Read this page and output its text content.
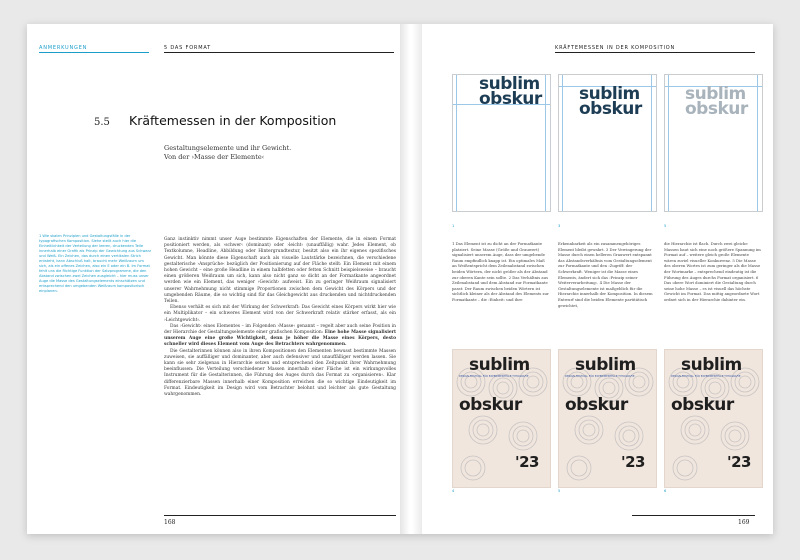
ANMERKUNGEN	5 DAS FORMAT
5.5 Kräftemessen in der Komposition
Gestaltungselemente und ihr Gewicht.
Von der ›Masse der Elemente‹
1 Wie skalen Prinzipien und Gestaltungsfälle in der typografischen Komposition. Siehe stellt auch hier die Einheitlichkeit der Verteilung der leeren, druckenden Teile innerhalb einer Grafik als Prinzip der Gewichtung aus Schwarz und Weiß. Ein Zeichen, das durch einen vertikalen Strich entsteht, kann Abschluß halt, braucht mehr Weißraum um sich, als ein offenes Zeichen, also ein E oder ein B. Im Format fehlt uns die Richtige Funktion der Satzprogramme, die den Abstand zwischen zwei Zeichen ausgleicht – hier muss unser Auge die Masse des Gestaltungselements einschätzen und entsprechend den umgebenden Weißraum kompositorisch einplanen.

Ganz instinktiv nimmt unser Auge bestimmte Eigenschaften der Elemente, die in einem Format positioniert werden, als ›schwer‹ (dominant) oder ›leicht‹ (unauffällig) wahr. Jedes Element, ob Textkolumne, Headline, Abbildung oder Hintergrundtextur, besitzt also ein ihr eigenes spezifisches Gewicht. Man könnte diese Eigenschaft auch als visuelle Lautstärke bezeichnen, die verschiedene gestalterische ›Ansprüche‹ bezüglich der Positionierung auf der Fläche stellt: Ein Element mit einem hohen Gewicht – eine große Headline in einem halbfetten oder fetten Schnitt beispielsweise – braucht einen größeren Weißraum um sich, kann also nicht ganz so dicht an der Formatkante angeordnet werden wie ein Element, das weniger ›Gewicht‹ aufweist. Ein zu geringer Weißraum signalisiert unserer Wahrnehmung nicht stimmige Proportionen zwischen dem Gewicht des Körpers und der umgebenden Räume, die so wichtig sind für das Gleichgewicht aus druckenden und nichtdruckenden Teilen.

Ebenso verhält es sich mit der Wirkung der Schwerkraft: Das Gewicht eines Körpers wirkt hier wie ein Multiplikator – ein schweres Element wird von der Schwerkraft relativ stärker erfasst, als ein ›Leichtgewicht‹.

Das ›Gewicht‹ eines Elementes – im Folgenden ›Masse‹ genannt – regelt aber auch seine Position in der Hierarchie der Gestaltungselemente einer grafischen Komposition: Eine hohe Masse signalisiert unserem Auge eine große Wichtigkeit, denn je höher die Masse eines Körpers, desto schneller wird dieses Element vom Auge des Betrachters wahrgenommen.

Die Gestalterinnen können also in ihren Kompositionen den Elementen bewusst bestimmte Massen zuweisen, sie auffälliger und dominanter, aber auch defensiver und unauffälliger werden lassen. Sie kann sie sehr zielgenau in Hierarchie setzen und entsprechend den Zeitpunkt ihrer Wahrnehmung beeinflussen: Die Verteilung verschiedener Massen innerhalb einer Fläche ist ein wirkungsvolles Instrument für die Gestalterinnen, die Führung des Auges durch das Format zu ›organisieren‹. Klar differenzierbare Massen innerhalb einer Komposition erreichen die so wichtige Eindeutigkeit im Format. Eindeutigkeit im Design wird vom Betrachter belohnt und leichter als gute Gestaltung wahrgenommen.

168
KRÄFTEMESSEN IN DER KOMPOSITION
sublim
obskur sublim
obskur
sublim
obskur
1	3	5
1 Das Element ist zu dicht an der Formatkante platziert. Seine Masse (Größe und Grauwert) signalisiert unserem Auge, dass der umgebende Raum empfindlich knapp ist. Ein optimales Maß an Weißentspricht dem Zeilenabstand zwischen beiden Wörtern, der nicht größer als der Abstand zur oberen Kante sein sollte. 2 Das Verhältnis aus Zeilenabstand und dem Abstand zur Formatkante passt: Der Raum zwischen beiden Wörtern ist sichtlich kleiner als der Abstand des Elements zur Formatkante – die ›Einheit‹ und ihre
Erkennbarkeit als ein zusammengehöriges Element bleibt gewahrt. 3 Der Verringerung der Masse durch einen helleren Grauwert entspannt das Abstandsverhältnis vom Gestaltungselement zur Formatkante und den ›Zugriff‹ der Schwerkraft. Weniger ist die Masse eines Elements, ändert sich das ›Prinzip seiner Weiterverarbeitung‹. 4 Die Masse der Gestaltungselemente ist maßgeblich für die Hierarchie innerhalb der Komposition. In diesem Entwurf sind die beiden Elemente partitätisch gewichtet,
die Hierarchie ist flach. Durch zwei gleiche Massen baut sich eine noch größere Spannung im Format auf – weitere gleich große Elemente wären zuviel visueller Konkurrenz. 5 Die Masse des oberen Wortes ist zum geringer als die Masse der Wortmarke – entsprechend eindeutig ist die Führung des Auges durchs Format organisiert. 6 Das obere Wort dominiert die Gestaltung durch seine hohe Masse – es ist visuell das höchste Gewicht im Format. Das mittig angeordnete Wort ordnet sich in der Hierarchie dahinter ein.
sublim
DESIGN-FESTIVAL FÜR EXPERIMENTELLE TYPOGRAFIE
obskur
'23
sublim
DESIGN-FESTIVAL FÜR EXPERIMENTELLE TYPOGRAFIE
obskur
'23
sublim
DESIGN-FESTIVAL FÜR EXPERIMENTELLE TYPOGRAFIE
obskur
'23
4	5	6
169
